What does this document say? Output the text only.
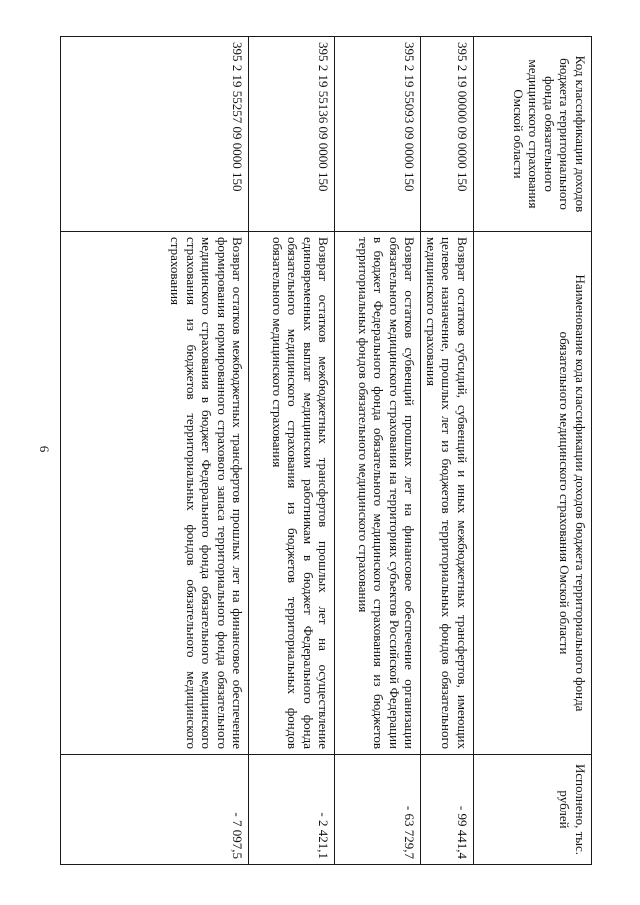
6
Код классификации доходов бюджета территориального фонда обязательного медицинского страхования Омской области	Наименование кода классификации доходов бюджета территориального фонда обязательного медицинского страхования Омской области	Исполнено, тыс. рублей
395 2 19 00000 09 0000 150	Возврат остатков субсидий, субвенций и иных межбюджетных трансфертов, имеющих целевое назначение, прошлых лет из бюджетов территориальных фондов обязательного медицинского страхования	- 99 441,4
395 2 19 55093 09 0000 150	Возврат остатков субвенций прошлых лет на финансовое обеспечение организации обязательного медицинского страхования на территориях субъектов Российской Федерации в бюджет Федерального фонда обязательного медицинского страхования из бюджетов территориальных фондов обязательного медицинского страхования	- 63 729,7
395 2 19 55136 09 0000 150	Возврат остатков межбюджетных трансфертов прошлых лет на осуществление единовременных выплат медицинским работникам в бюджет Федерального фонда обязательного медицинского страхования из бюджетов территориальных фондов обязательного медицинского страхования	- 2 421,1
395 2 19 55257 09 0000 150	Возврат остатков межбюджетных трансфертов прошлых лет на финансовое обеспечение формирования нормированного страхового запаса территориального фонда обязательного медицинского страхования в бюджет Федерального фонда обязательного медицинского страхования из бюджетов территориальных фондов обязательного медицинского страхования	- 7 097,5
